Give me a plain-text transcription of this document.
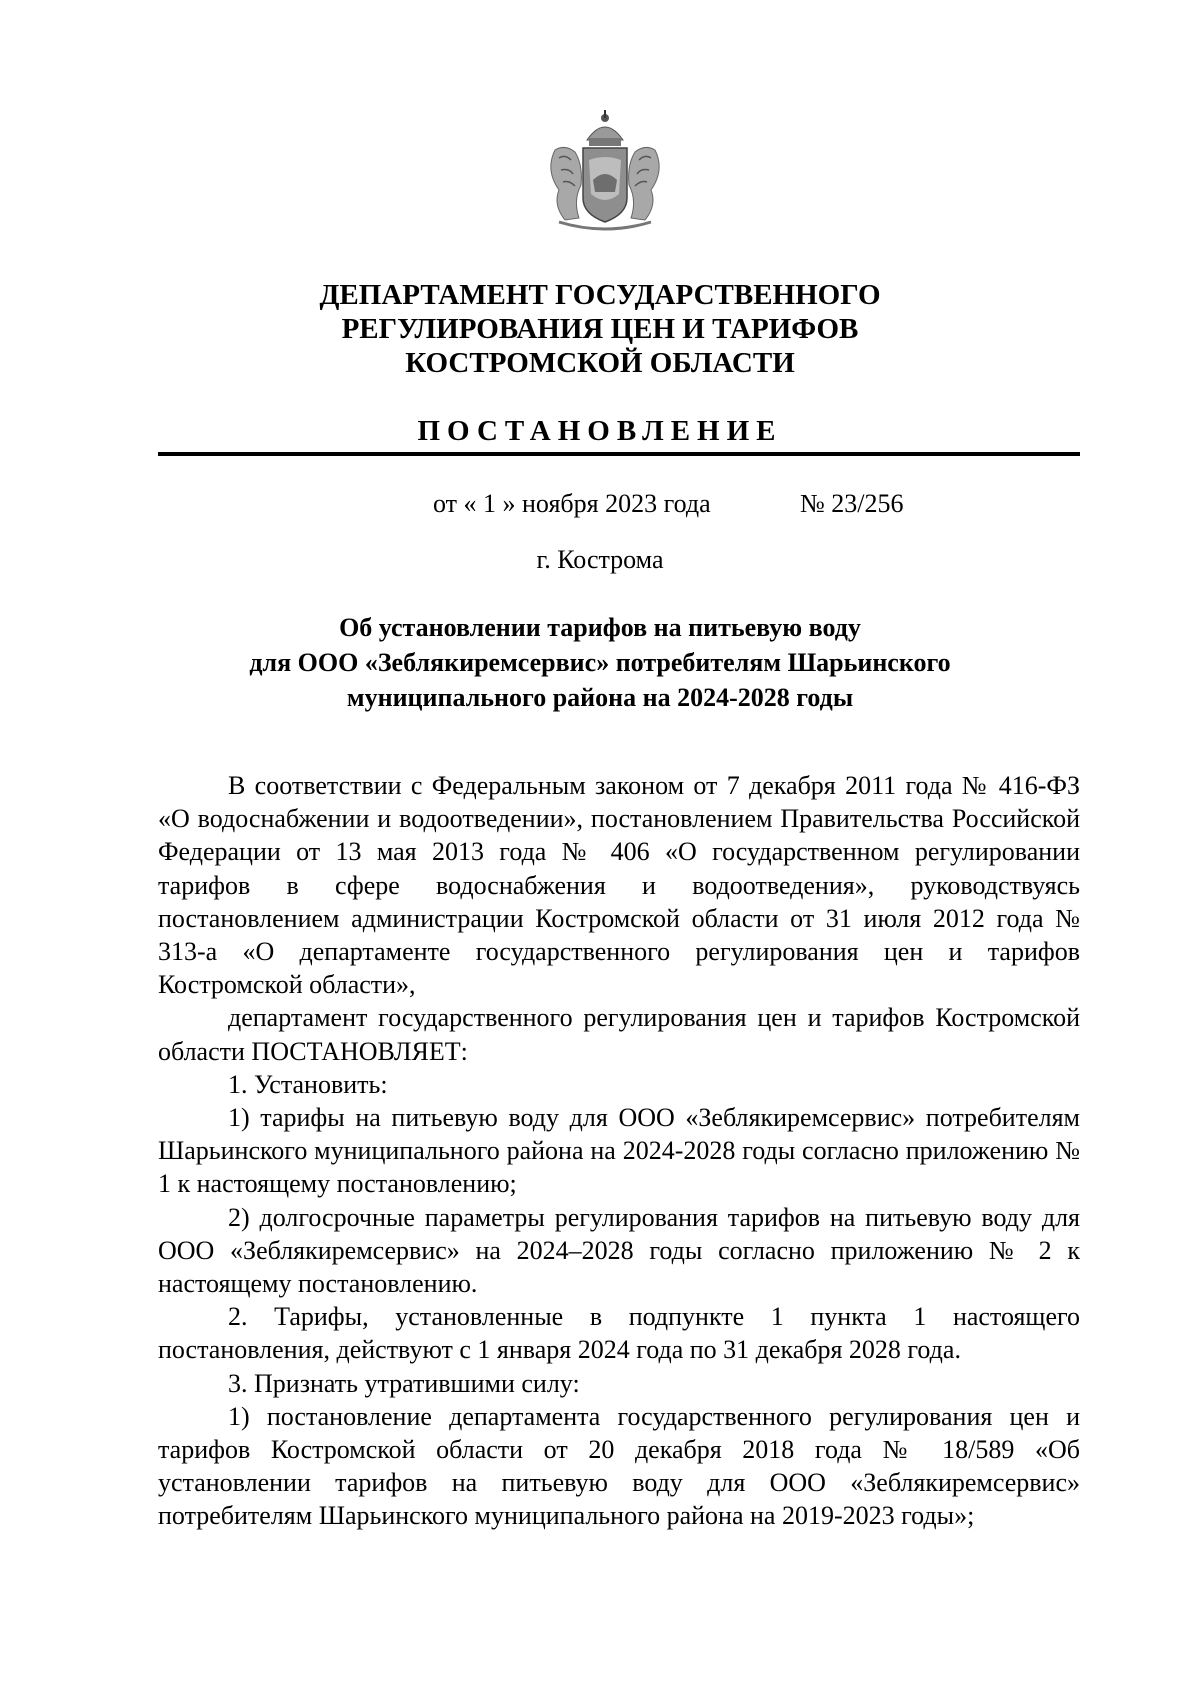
ДЕПАРТАМЕНТ ГОСУДАРСТВЕННОГО
РЕГУЛИРОВАНИЯ ЦЕН И ТАРИФОВ
КОСТРОМСКОЙ ОБЛАСТИ
ПОСТАНОВЛЕНИЕ
от « 1 » ноября 2023 года	№ 23/256
г. Кострома
Об установлении тарифов на питьевую воду
для ООО «Зеблякиремсервис» потребителям Шарьинского
муниципального района на 2024-2028 годы

В соответствии с Федеральным законом от 7 декабря 2011 года № 416-ФЗ «О водоснабжении и водоотведении», постановлением Правительства Российской Федерации от 13 мая 2013 года № 406 «О государственном регулировании тарифов в сфере водоснабжения и водоотведения», руководствуясь постановлением администрации Костромской области от 31 июля 2012 года № 313-а «О департаменте государственного регулирования цен и тарифов Костромской области»,

департамент государственного регулирования цен и тарифов Костромской области ПОСТАНОВЛЯЕТ:

1. Установить:

1) тарифы на питьевую воду для ООО «Зеблякиремсервис» потребителям Шарьинского муниципального района на 2024-2028 годы согласно приложению № 1 к настоящему постановлению;

2) долгосрочные параметры регулирования тарифов на питьевую воду для ООО «Зеблякиремсервис» на 2024–2028 годы согласно приложению № 2 к настоящему постановлению.

2. Тарифы, установленные в подпункте 1 пункта 1 настоящего постановления, действуют с 1 января 2024 года по 31 декабря 2028 года.

3. Признать утратившими силу:

1) постановление департамента государственного регулирования цен и тарифов Костромской области от 20 декабря 2018 года № 18/589 «Об установлении тарифов на питьевую воду для ООО «Зеблякиремсервис» потребителям Шарьинского муниципального района на 2019-2023 годы»;
